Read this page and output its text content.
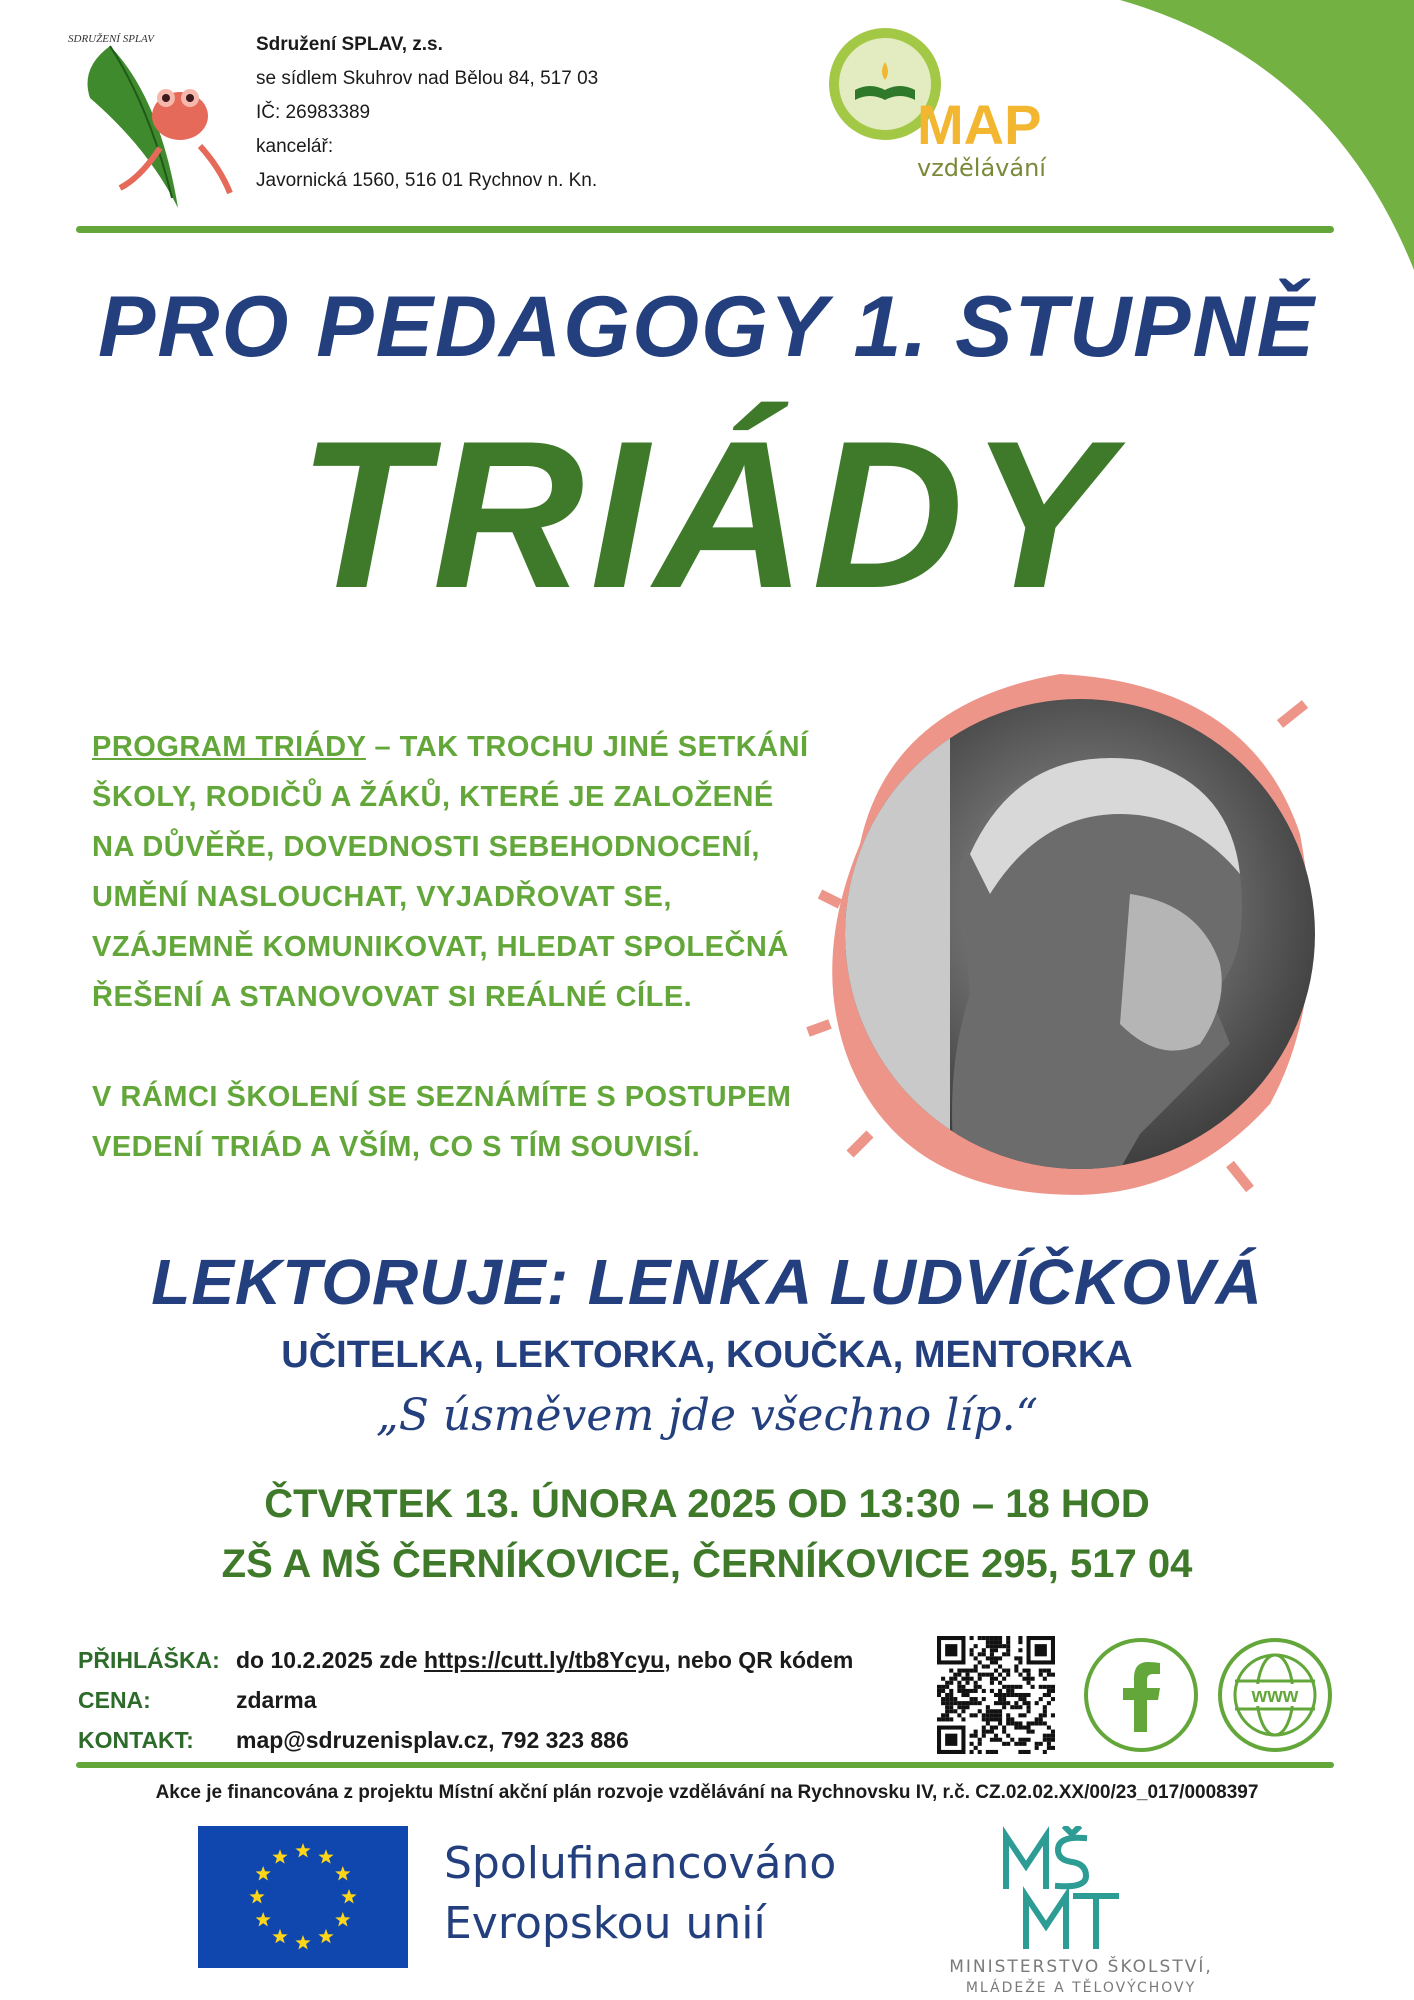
SDRUŽENÍ SPLAV	Sdružení SPLAV, z.s.
se sídlem Skuhrov nad Bělou 84, 517 03
IČ: 26983389
kancelář:
Javornická 1560, 516 01 Rychnov n. Kn.
MAP
vzdělávání
PRO PEDAGOGY 1. STUPNĚ
TRIÁDY

PROGRAM TRIÁDY – TAK TROCHU JINÉ SETKÁNÍ ŠKOLY, RODIČŮ A ŽÁKŮ, KTERÉ JE ZALOŽENÉ NA DŮVĚŘE, DOVEDNOSTI SEBEHODNOCENÍ, UMĚNÍ NASLOUCHAT, VYJADŘOVAT SE, VZÁJEMNĚ KOMUNIKOVAT, HLEDAT SPOLEČNÁ ŘEŠENÍ A STANOVOVAT SI REÁLNÉ CÍLE.

V RÁMCI ŠKOLENÍ SE SEZNÁMÍTE S POSTUPEM VEDENÍ TRIÁD A VŠÍM, CO S TÍM SOUVISÍ.

LEKTORUJE: LENKA LUDVÍČKOVÁ
UČITELKA, LEKTORKA, KOUČKA, MENTORKA
„S úsměvem jde všechno líp.“
ČTVRTEK 13. ÚNORA 2025 OD 13:30 – 18 HOD
ZŠ A MŠ ČERNÍKOVICE, ČERNÍKOVICE 295, 517 04
PŘIHLÁŠKA: do 10.2.2025 zde https://cutt.ly/tb8Ycyu, nebo QR kódem
CENA:	zdarma
KONTAKT:	map@sdruzenisplav.cz, 792 323 886
www
Akce je financována z projektu Místní akční plán rozvoje vzdělávání na Rychnovsku IV, r.č. CZ.02.02.XX/00/23_017/0008397
Spolufinancováno
Evropskou unií
MINISTERSTVO ŠKOLSTVÍ,
MLÁDEŽE A TĚLOVÝCHOVY
